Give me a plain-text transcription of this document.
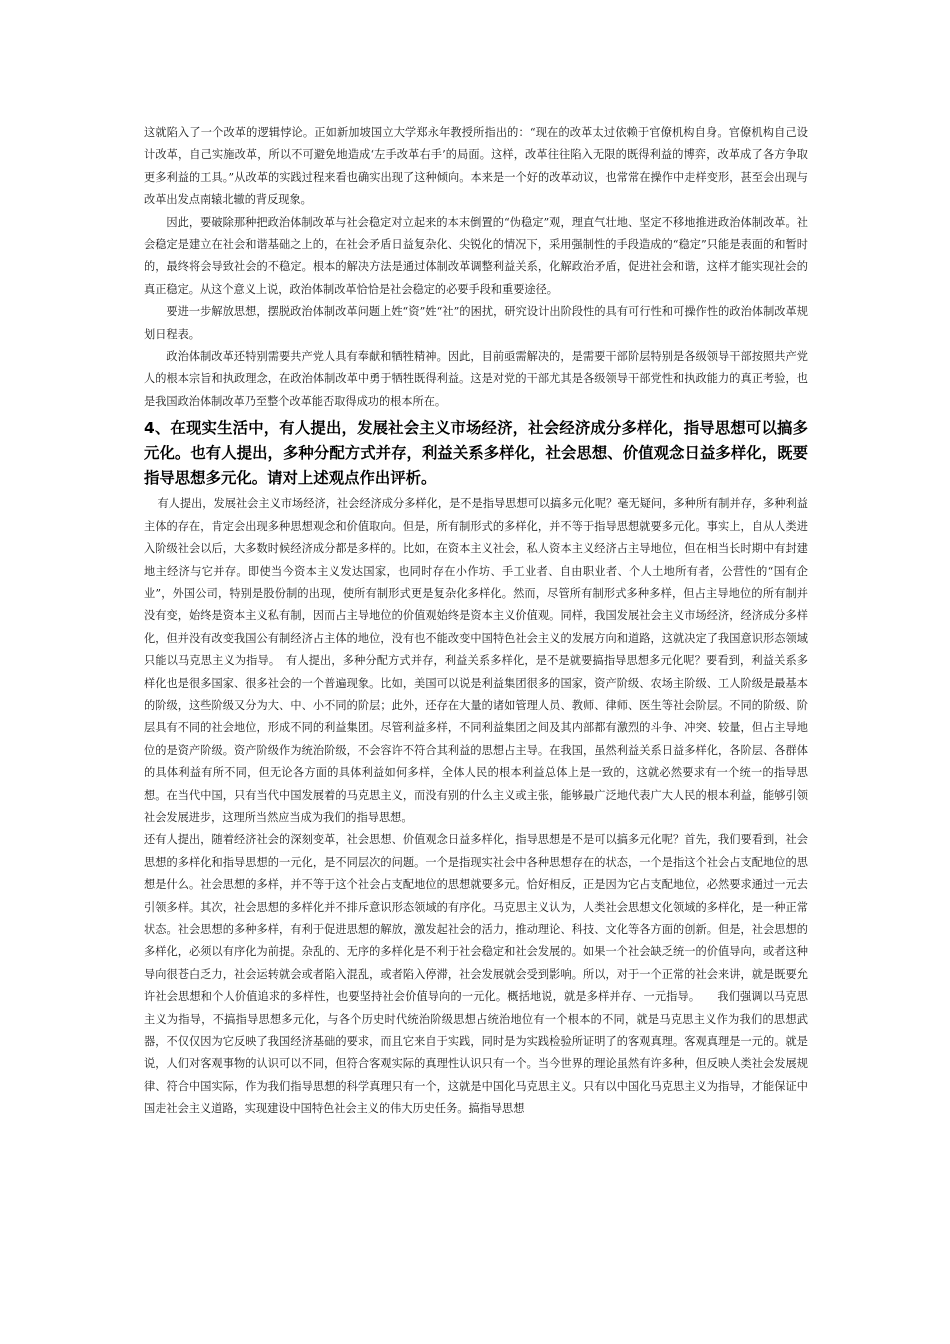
这就陷入了一个改革的逻辑悖论。正如新加坡国立大学郑永年教授所指出的：“现在的改革太过依赖于官僚机构自身。官僚机构自己设计改革，自己实施改革，所以不可避免地造成‘左手改革右手’的局面。这样，改革往往陷入无限的既得利益的博弈，改革成了各方争取更多利益的工具。”从改革的实践过程来看也确实出现了这种倾向。本来是一个好的改革动议，也常常在操作中走样变形，甚至会出现与改革出发点南辕北辙的背反现象。

因此，要破除那种把政治体制改革与社会稳定对立起来的本末倒置的“伪稳定”观，理直气壮地、坚定不移地推进政治体制改革。社会稳定是建立在社会和谐基础之上的，在社会矛盾日益复杂化、尖锐化的情况下，采用强制性的手段造成的“稳定”只能是表面的和暂时的，最终将会导致社会的不稳定。根本的解决方法是通过体制改革调整利益关系，化解政治矛盾，促进社会和谐，这样才能实现社会的真正稳定。从这个意义上说，政治体制改革恰恰是社会稳定的必要手段和重要途径。

要进一步解放思想，摆脱政治体制改革问题上姓“资”姓“社”的困扰，研究设计出阶段性的具有可行性和可操作性的政治体制改革规划日程表。

政治体制改革还特别需要共产党人具有奉献和牺牲精神。因此，目前亟需解决的，是需要干部阶层特别是各级领导干部按照共产党人的根本宗旨和执政理念，在政治体制改革中勇于牺牲既得利益。这是对党的干部尤其是各级领导干部党性和执政能力的真正考验，也是我国政治体制改革乃至整个改革能否取得成功的根本所在。

4、在现实生活中，有人提出，发展社会主义市场经济，社会经济成分多样化，指导思想可以搞多元化。也有人提出，多种分配方式并存，利益关系多样化，社会思想、价值观念日益多样化，既要指导思想多元化。请对上述观点作出评析。

有人提出，发展社会主义市场经济，社会经济成分多样化，是不是指导思想可以搞多元化呢？毫无疑问，多种所有制并存，多种利益主体的存在，肯定会出现多种思想观念和价值取向。但是，所有制形式的多样化，并不等于指导思想就要多元化。事实上，自从人类进入阶级社会以后，大多数时候经济成分都是多样的。比如，在资本主义社会，私人资本主义经济占主导地位，但在相当长时期中有封建地主经济与它并存。即使当今资本主义发达国家，也同时存在小作坊、手工业者、自由职业者、个人土地所有者，公营性的“国有企业”，外国公司，特别是股份制的出现，使所有制形式更是复杂化多样化。然而，尽管所有制形式多种多样，但占主导地位的所有制并没有变，始终是资本主义私有制，因而占主导地位的价值观始终是资本主义价值观。同样，我国发展社会主义市场经济，经济成分多样化，但并没有改变我国公有制经济占主体的地位，没有也不能改变中国特色社会主义的发展方向和道路，这就决定了我国意识形态领域只能以马克思主义为指导。　有人提出，多种分配方式并存，利益关系多样化，是不是就要搞指导思想多元化呢？要看到，利益关系多样化也是很多国家、很多社会的一个普遍现象。比如，美国可以说是利益集团很多的国家，资产阶级、农场主阶级、工人阶级是最基本的阶级，这些阶级又分为大、中、小不同的阶层；此外，还存在大量的诸如管理人员、教师、律师、医生等社会阶层。不同的阶级、阶层具有不同的社会地位，形成不同的利益集团。尽管利益多样，不同利益集团之间及其内部都有激烈的斗争、冲突、较量，但占主导地位的是资产阶级。资产阶级作为统治阶级，不会容许不符合其利益的思想占主导。在我国，虽然利益关系日益多样化，各阶层、各群体的具体利益有所不同，但无论各方面的具体利益如何多样，全体人民的根本利益总体上是一致的，这就必然要求有一个统一的指导思想。在当代中国，只有当代中国发展着的马克思主义，而没有别的什么主义或主张，能够最广泛地代表广大人民的根本利益，能够引领社会发展进步，这理所当然应当成为我们的指导思想。

还有人提出，随着经济社会的深刻变革，社会思想、价值观念日益多样化，指导思想是不是可以搞多元化呢？首先，我们要看到，社会思想的多样化和指导思想的一元化，是不同层次的问题。一个是指现实社会中各种思想存在的状态，一个是指这个社会占支配地位的思想是什么。社会思想的多样，并不等于这个社会占支配地位的思想就要多元。恰好相反，正是因为它占支配地位，必然要求通过一元去引领多样。其次，社会思想的多样化并不排斥意识形态领域的有序化。马克思主义认为，人类社会思想文化领域的多样化，是一种正常状态。社会思想的多种多样，有利于促进思想的解放，激发起社会的活力，推动理论、科技、文化等各方面的创新。但是，社会思想的多样化，必须以有序化为前提。杂乱的、无序的多样化是不利于社会稳定和社会发展的。如果一个社会缺乏统一的价值导向，或者这种导向很苍白乏力，社会运转就会或者陷入混乱，或者陷入停滞，社会发展就会受到影响。所以，对于一个正常的社会来讲，就是既要允许社会思想和个人价值追求的多样性，也要坚持社会价值导向的一元化。概括地说，就是多样并存、一元指导。　　我们强调以马克思主义为指导，不搞指导思想多元化，与各个历史时代统治阶级思想占统治地位有一个根本的不同，就是马克思主义作为我们的思想武器，不仅仅因为它反映了我国经济基础的要求，而且它来自于实践，同时是为实践检验所证明了的客观真理。客观真理是一元的。就是说，人们对客观事物的认识可以不同，但符合客观实际的真理性认识只有一个。当今世界的理论虽然有许多种，但反映人类社会发展规律、符合中国实际，作为我们指导思想的科学真理只有一个，这就是中国化马克思主义。只有以中国化马克思主义为指导，才能保证中国走社会主义道路，实现建设中国特色社会主义的伟大历史任务。搞指导思想
